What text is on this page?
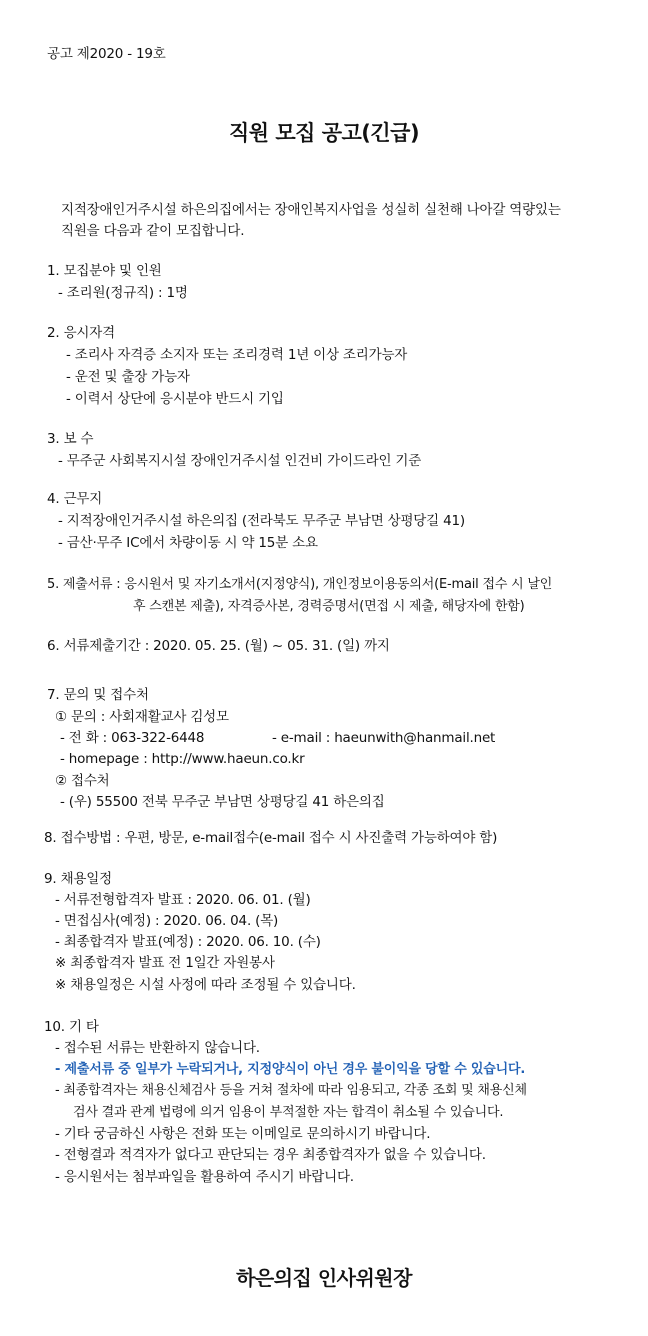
공고 제2020 - 19호
직원 모집 공고(긴급)
지적장애인거주시설 하은의집에서는 장애인복지사업을 성실히 실천해 나아갈 역량있는
직원을 다음과 같이 모집합니다.
1. 모집분야 및 인원
- 조리원(정규직) : 1명
2. 응시자격
- 조리사 자격증 소지자 또는 조리경력 1년 이상 조리가능자
- 운전 및 출장 가능자
- 이력서 상단에 응시분야 반드시 기입
3. 보 수
- 무주군 사회복지시설 장애인거주시설 인건비 가이드라인 기준
4. 근무지
- 지적장애인거주시설 하은의집 (전라북도 무주군 부남면 상평당길 41)
- 금산·무주 IC에서 차량이동 시 약 15분 소요
5. 제출서류 : 응시원서 및 자기소개서(지정양식), 개인정보이용동의서(E-mail 접수 시 날인
후 스캔본 제출), 자격증사본, 경력증명서(면접 시 제출, 해당자에 한함)
6. 서류제출기간 : 2020. 05. 25. (월) ~ 05. 31. (일) 까지
7. 문의 및 접수처
① 문의 : 사회재활교사 김성모
- 전 화 : 063-322-6448	- e-mail : haeunwith@hanmail.net
- homepage : http://www.haeun.co.kr
② 접수처
- (우) 55500 전북 무주군 부남면 상평당길 41 하은의집
8. 접수방법 : 우편, 방문, e-mail접수(e-mail 접수 시 사진출력 가능하여야 함)
9. 채용일정
- 서류전형합격자 발표 : 2020. 06. 01. (월)
- 면접심사(예정) : 2020. 06. 04. (목)
- 최종합격자 발표(예정) : 2020. 06. 10. (수)
※ 최종합격자 발표 전 1일간 자원봉사
※ 채용일정은 시설 사정에 따라 조정될 수 있습니다.
10. 기 타
- 접수된 서류는 반환하지 않습니다.
- 제출서류 중 일부가 누락되거나, 지정양식이 아닌 경우 불이익을 당할 수 있습니다.
- 최종합격자는 채용신체검사 등을 거쳐 절차에 따라 임용되고, 각종 조회 및 채용신체
검사 결과 관계 법령에 의거 임용이 부적절한 자는 합격이 취소될 수 있습니다.
- 기타 궁금하신 사항은 전화 또는 이메일로 문의하시기 바랍니다.
- 전형결과 적격자가 없다고 판단되는 경우 최종합격자가 없을 수 있습니다.
- 응시원서는 첨부파일을 활용하여 주시기 바랍니다.
하은의집 인사위원장
